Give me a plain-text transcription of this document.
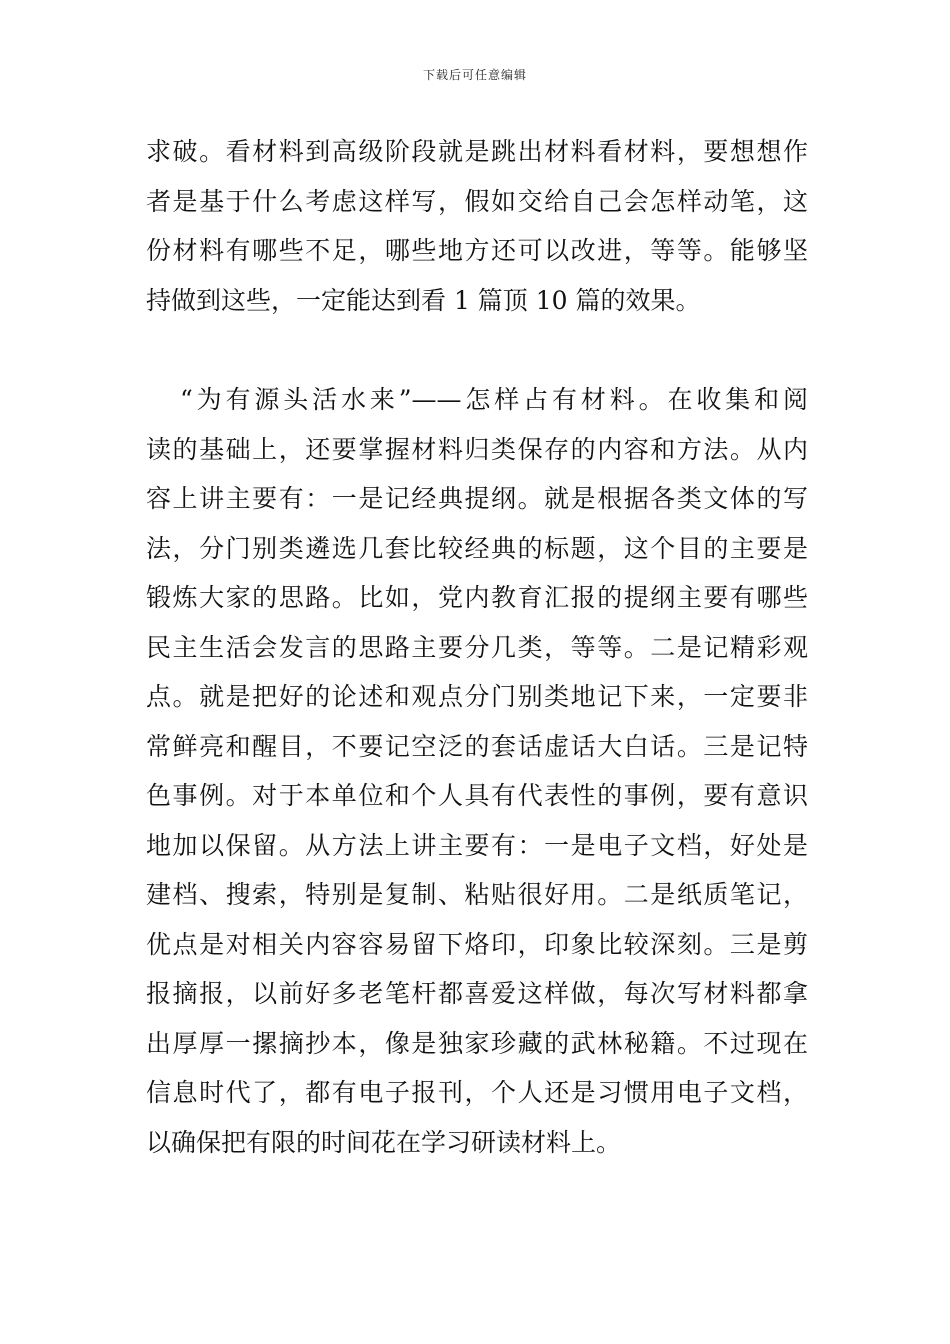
下载后可任意编辑
求破。看材料到高级阶段就是跳出材料看材料，要想想作
者是基于什么考虑这样写，假如交给自己会怎样动笔，这
份材料有哪些不足，哪些地方还可以改进，等等。能够坚
持做到这些，一定能达到看 1 篇顶 10 篇的效果。
“为有源头活水来”——怎样占有材料。在收集和阅
读的基础上，还要掌握材料归类保存的内容和方法。从内
容上讲主要有：一是记经典提纲。就是根据各类文体的写
法，分门别类遴选几套比较经典的标题，这个目的主要是
锻炼大家的思路。比如，党内教育汇报的提纲主要有哪些
民主生活会发言的思路主要分几类，等等。二是记精彩观
点。就是把好的论述和观点分门别类地记下来，一定要非
常鲜亮和醒目，不要记空泛的套话虚话大白话。三是记特
色事例。对于本单位和个人具有代表性的事例，要有意识
地加以保留。从方法上讲主要有：一是电子文档，好处是
建档、搜索，特别是复制、粘贴很好用。二是纸质笔记，
优点是对相关内容容易留下烙印，印象比较深刻。三是剪
报摘报，以前好多老笔杆都喜爱这样做，每次写材料都拿
出厚厚一摞摘抄本，像是独家珍藏的武林秘籍。不过现在
信息时代了，都有电子报刊，个人还是习惯用电子文档，
以确保把有限的时间花在学习研读材料上。
